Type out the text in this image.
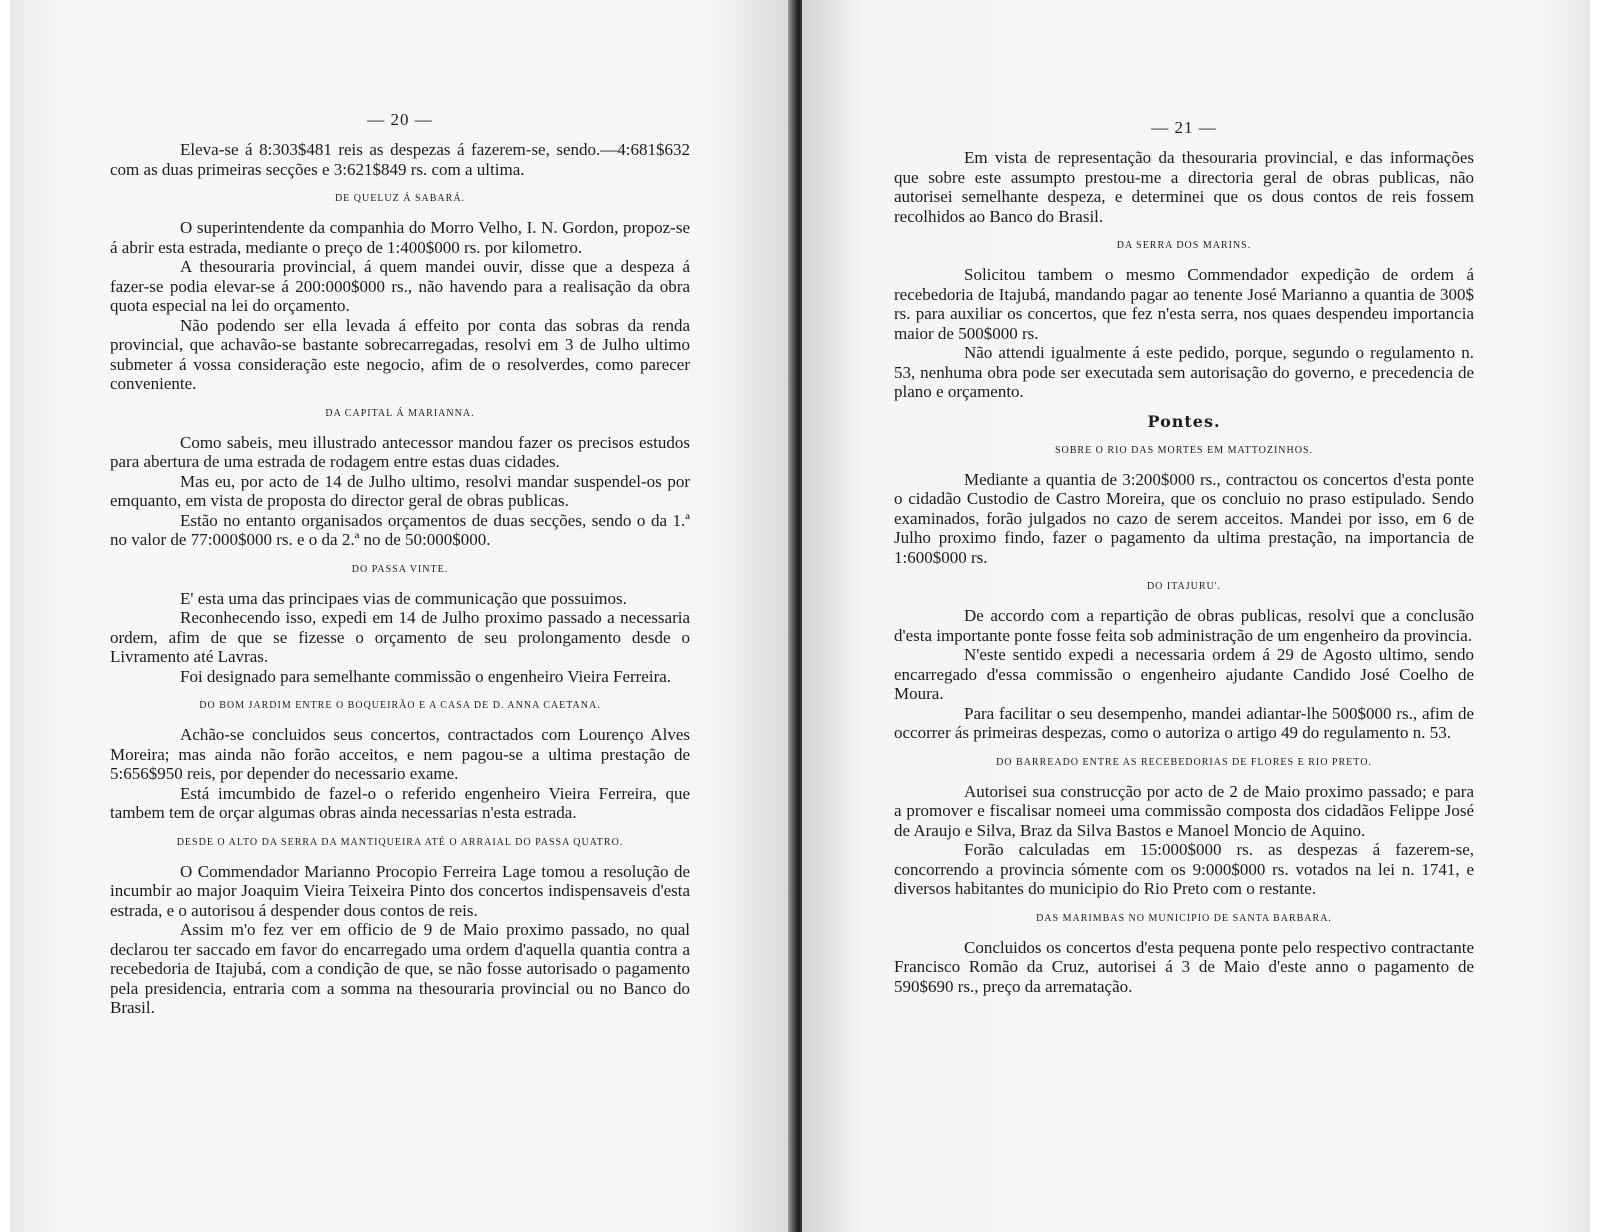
— 20 —
Eleva-se á 8:303$481 reis as despezas á fazerem-se, sendo.—4:681$632 com as duas primeiras secções e 3:621$849 rs. com a ultima.
DE QUELUZ Á SABARÁ.
O superintendente da companhia do Morro Velho, I. N. Gordon, propoz-se á abrir esta estrada, mediante o preço de 1:400$000 rs. por kilometro.
A thesouraria provincial, á quem mandei ouvir, disse que a despeza á fazer-se podia elevar-se á 200:000$000 rs., não havendo para a realisação da obra quota especial na lei do orçamento.
Não podendo ser ella levada á effeito por conta das sobras da renda provincial, que achavão-se bastante sobrecarregadas, resolvi em 3 de Julho ultimo submeter á vossa consideração este negocio, afim de o resolverdes, como parecer conveniente.
DA CAPITAL Á MARIANNA.
Como sabeis, meu illustrado antecessor mandou fazer os precisos estudos para abertura de uma estrada de rodagem entre estas duas cidades.
Mas eu, por acto de 14 de Julho ultimo, resolvi mandar suspendel-os por emquanto, em vista de proposta do director geral de obras publicas.
Estão no entanto organisados orçamentos de duas secções, sendo o da 1.ª no valor de 77:000$000 rs. e o da 2.ª no de 50:000$000.
DO PASSA VINTE.
E' esta uma das principaes vias de communicação que possuimos.
Reconhecendo isso, expedi em 14 de Julho proximo passado a necessaria ordem, afim de que se fizesse o orçamento de seu prolongamento desde o Livramento até Lavras.
Foi designado para semelhante commissão o engenheiro Vieira Ferreira.
DO BOM JARDIM ENTRE O BOQUEIRÃO E A CASA DE D. ANNA CAETANA.
Achão-se concluidos seus concertos, contractados com Lourenço Alves Moreira; mas ainda não forão acceitos, e nem pagou-se a ultima prestação de 5:656$950 reis, por depender do necessario exame.
Está imcumbido de fazel-o o referido engenheiro Vieira Ferreira, que tambem tem de orçar algumas obras ainda necessarias n'esta estrada.
DESDE O ALTO DA SERRA DA MANTIQUEIRA ATÉ O ARRAIAL DO PASSA QUATRO.
O Commendador Marianno Procopio Ferreira Lage tomou a resolução de incumbir ao major Joaquim Vieira Teixeira Pinto dos concertos indispensaveis d'esta estrada, e o autorisou á despender dous contos de reis.
Assim m'o fez ver em officio de 9 de Maio proximo passado, no qual declarou ter saccado em favor do encarregado uma ordem d'aquella quantia contra a recebedoria de Itajubá, com a condição de que, se não fosse autorisado o pagamento pela presidencia, entraria com a somma na thesouraria provincial ou no Banco do Brasil.
— 21 —
Em vista de representação da thesouraria provincial, e das informações que sobre este assumpto prestou-me a directoria geral de obras publicas, não autorisei semelhante despeza, e determinei que os dous contos de reis fossem recolhidos ao Banco do Brasil.
DA SERRA DOS MARINS.
Solicitou tambem o mesmo Commendador expedição de ordem á recebedoria de Itajubá, mandando pagar ao tenente José Marianno a quantia de 300$ rs. para auxiliar os concertos, que fez n'esta serra, nos quaes despendeu importancia maior de 500$000 rs.
Não attendi igualmente á este pedido, porque, segundo o regulamento n. 53, nenhuma obra pode ser executada sem autorisação do governo, e precedencia de plano e orçamento.
Pontes.
SOBRE O RIO DAS MORTES EM MATTOZINHOS.
Mediante a quantia de 3:200$000 rs., contractou os concertos d'esta ponte o cidadão Custodio de Castro Moreira, que os concluio no praso estipulado. Sendo examinados, forão julgados no cazo de serem acceitos. Mandei por isso, em 6 de Julho proximo findo, fazer o pagamento da ultima prestação, na importancia de 1:600$000 rs.
DO ITAJURU'.
De accordo com a repartição de obras publicas, resolvi que a conclusão d'esta importante ponte fosse feita sob administração de um engenheiro da provincia.
N'este sentido expedi a necessaria ordem á 29 de Agosto ultimo, sendo encarregado d'essa commissão o engenheiro ajudante Candido José Coelho de Moura.
Para facilitar o seu desempenho, mandei adiantar-lhe 500$000 rs., afim de occorrer ás primeiras despezas, como o autoriza o artigo 49 do regulamento n. 53.
DO BARREADO ENTRE AS RECEBEDORIAS DE FLORES E RIO PRETO.
Autorisei sua construcção por acto de 2 de Maio proximo passado; e para a promover e fiscalisar nomeei uma commissão composta dos cidadãos Felippe José de Araujo e Silva, Braz da Silva Bastos e Manoel Moncio de Aquino.
Forão calculadas em 15:000$000 rs. as despezas á fazerem-se, concorrendo a provincia sómente com os 9:000$000 rs. votados na lei n. 1741, e diversos habitantes do municipio do Rio Preto com o restante.
DAS MARIMBAS NO MUNICIPIO DE SANTA BARBARA.
Concluidos os concertos d'esta pequena ponte pelo respectivo contractante Francisco Romão da Cruz, autorisei á 3 de Maio d'este anno o pagamento de 590$690 rs., preço da arrematação.
